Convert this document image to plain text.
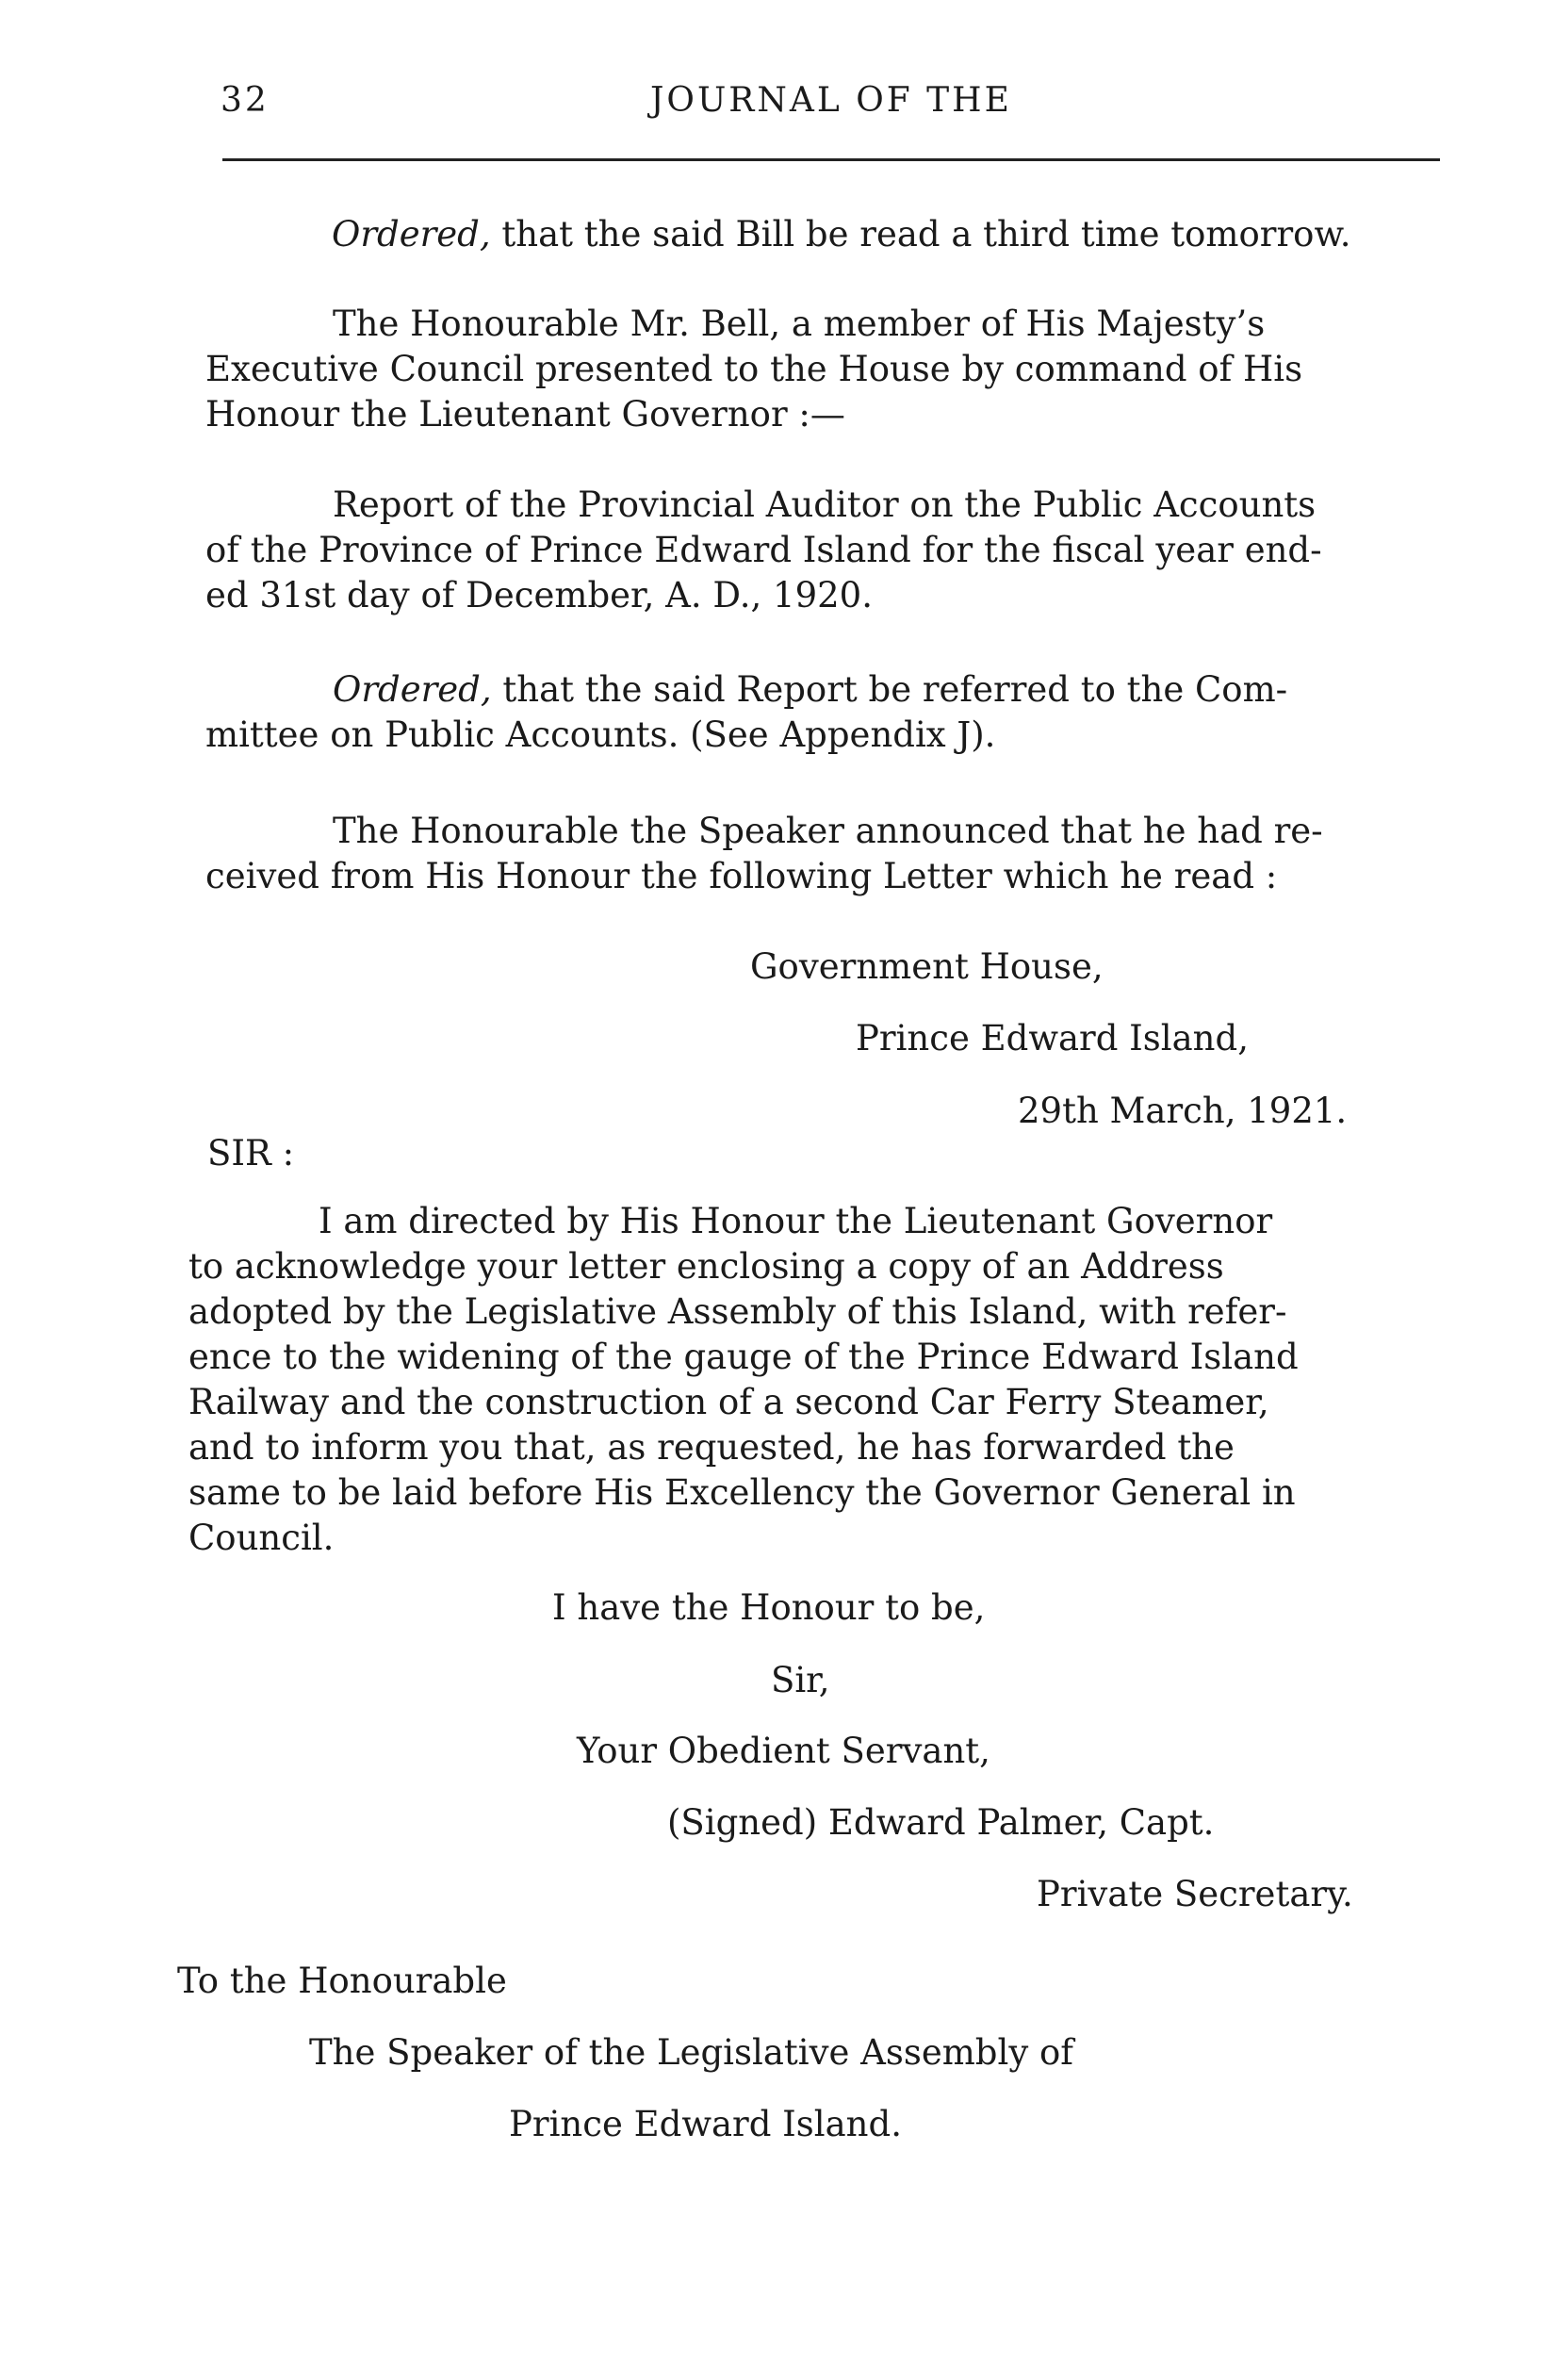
32	JOURNAL OF THE
Ordered, that the said Bill be read a third time tomorrow.
The Honourable Mr. Bell, a member of His Majesty’s
Executive Council presented to the House by command of His
Honour the Lieutenant Governor :—
Report of the Provincial Auditor on the Public Accounts
of the Province of Prince Edward Island for the fiscal year end-
ed 31st day of December, A. D., 1920.
Ordered, that the said Report be referred to the Com-
mittee on Public Accounts. (See Appendix J).
The Honourable the Speaker announced that he had re-
ceived from His Honour the following Letter which he read :
Government House,
Prince Edward Island,
29th March, 1921.
SIR :
I am directed by His Honour the Lieutenant Governor
to acknowledge your letter enclosing a copy of an Address
adopted by the Legislative Assembly of this Island, with refer-
ence to the widening of the gauge of the Prince Edward Island
Railway and the construction of a second Car Ferry Steamer,
and to inform you that, as requested, he has forwarded the
same to be laid before His Excellency the Governor General in
Council.
I have the Honour to be,
Sir,
Your Obedient Servant,
(Signed) Edward Palmer, Capt.
Private Secretary.
To the Honourable
The Speaker of the Legislative Assembly of
Prince Edward Island.
